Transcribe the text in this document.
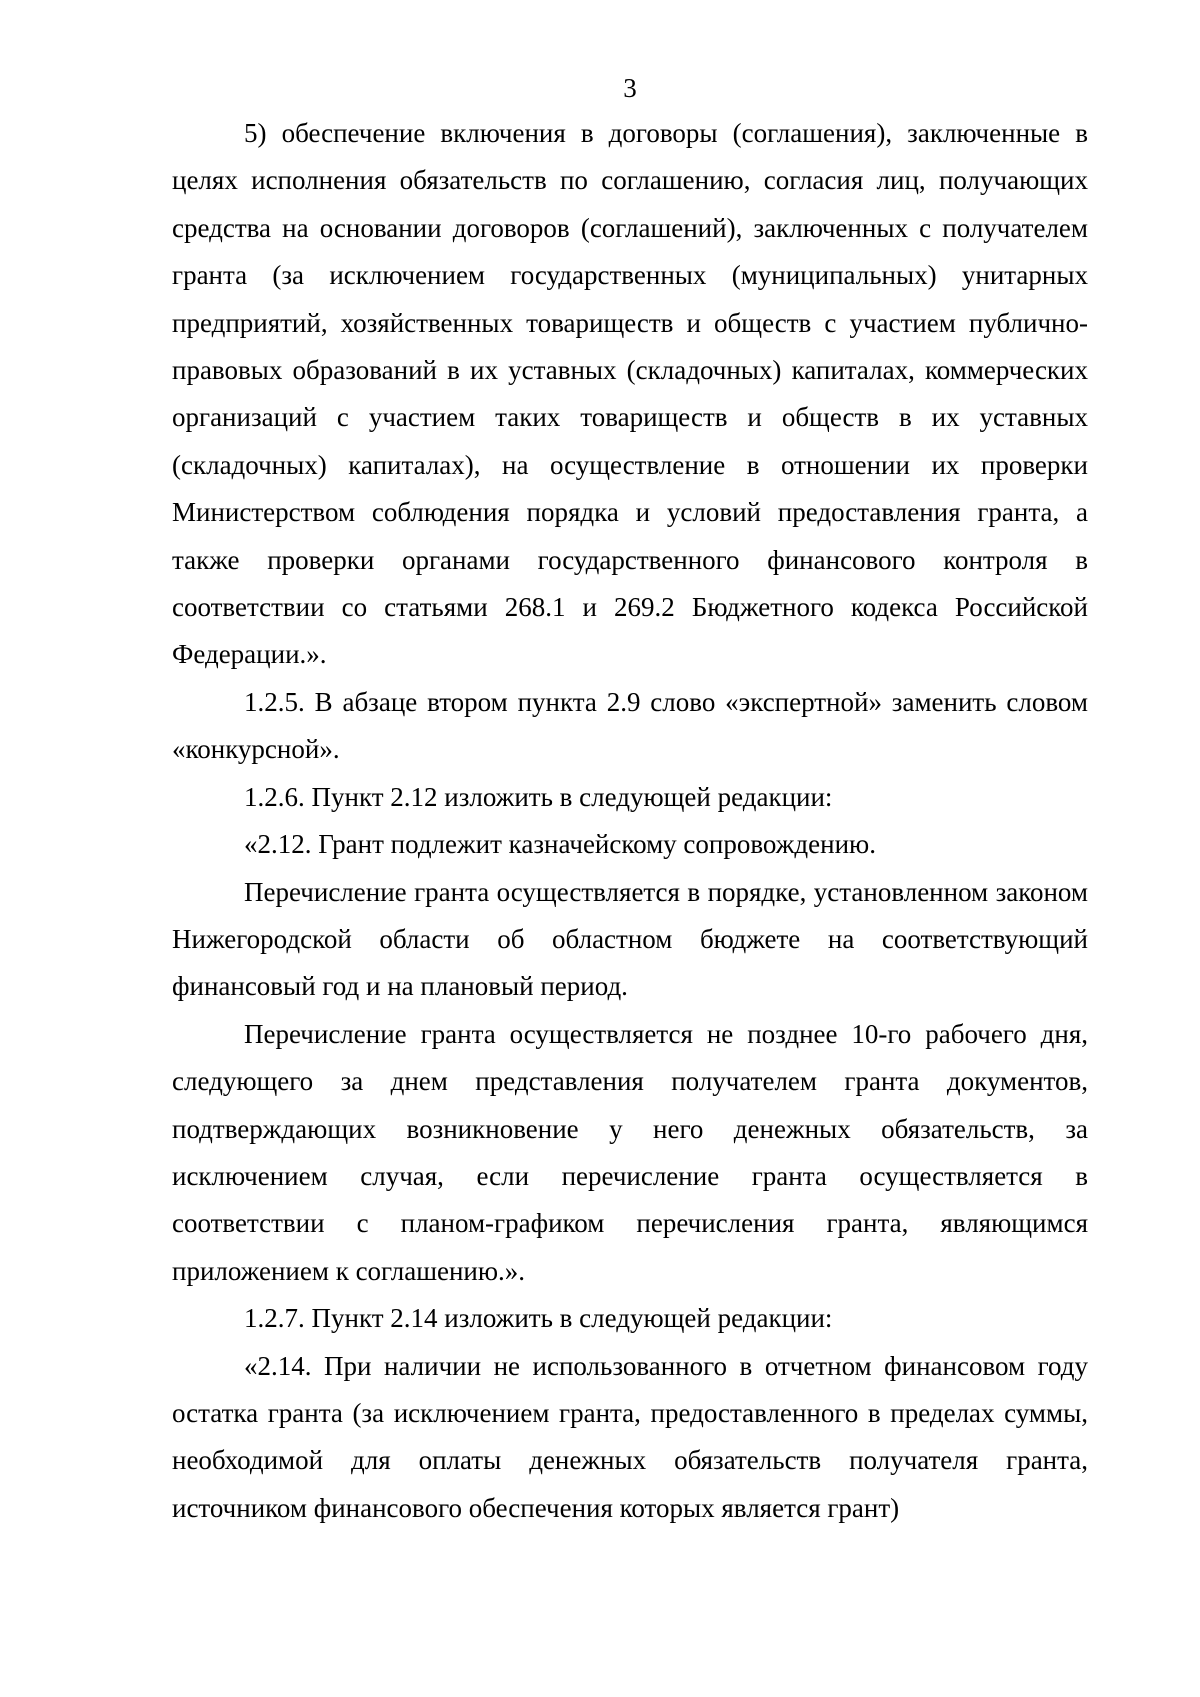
3

5) обеспечение включения в договоры (соглашения), заключенные в целях исполнения обязательств по соглашению, согласия лиц, получающих средства на основании договоров (соглашений), заключенных с получателем гранта (за исключением государственных (муниципальных) унитарных предприятий, хозяйственных товариществ и обществ с участием публично-правовых образований в их уставных (складочных) капиталах, коммерческих организаций с участием таких товариществ и обществ в их уставных (складочных) капиталах), на осуществление в отношении их проверки Министерством соблюдения порядка и условий предоставления гранта, а также проверки органами государственного финансового контроля в соответствии со статьями 268.1 и 269.2 Бюджетного кодекса Российской Федерации.».

1.2.5. В абзаце втором пункта 2.9 слово «экспертной» заменить словом «конкурсной».

1.2.6. Пункт 2.12 изложить в следующей редакции:

«2.12. Грант подлежит казначейскому сопровождению.

Перечисление гранта осуществляется в порядке, установленном законом Нижегородской области об областном бюджете на соответствующий финансовый год и на плановый период.

Перечисление гранта осуществляется не позднее 10-го рабочего дня, следующего за днем представления получателем гранта документов, подтверждающих возникновение у него денежных обязательств, за исключением случая, если перечисление гранта осуществляется в соответствии с планом-графиком перечисления гранта, являющимся приложением к соглашению.».

1.2.7. Пункт 2.14 изложить в следующей редакции:

«2.14. При наличии не использованного в отчетном финансовом году остатка гранта (за исключением гранта, предоставленного в пределах суммы, необходимой для оплаты денежных обязательств получателя гранта, источником финансового обеспечения которых является грант)
